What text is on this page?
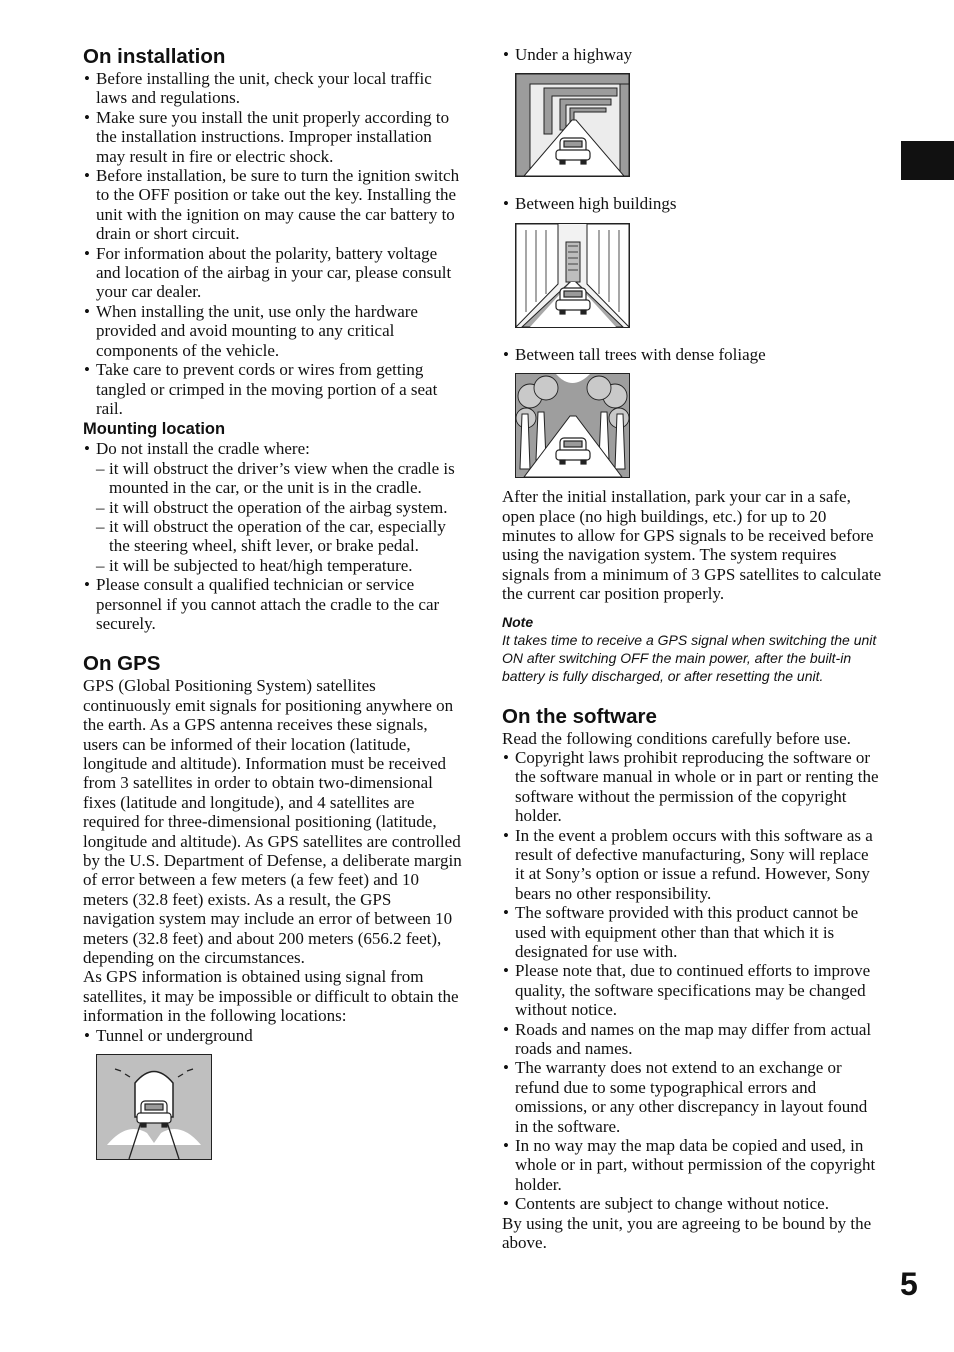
On installation
• Before installing the unit, check your local traffic laws and regulations.
• Make sure you install the unit properly according to the installation instructions. Improper installation may result in fire or electric shock.
• Before installation, be sure to turn the ignition switch to the OFF position or take out the key. Installing the unit with the ignition on may cause the car battery to drain or short circuit.
• For information about the polarity, battery voltage and location of the airbag in your car, please consult your car dealer.
• When installing the unit, use only the hardware provided and avoid mounting to any critical components of the vehicle.
• Take care to prevent cords or wires from getting tangled or crimped in the moving portion of a seat rail.
Mounting location
• Do not install the cradle where:
– it will obstruct the driver’s view when the cradle is mounted in the car, or the unit is in the cradle.
– it will obstruct the operation of the airbag system.
– it will obstruct the operation of the car, especially the steering wheel, shift lever, or brake pedal.
– it will be subjected to heat/high temperature.
• Please consult a qualified technician or service personnel if you cannot attach the cradle to the car securely.
On GPS

GPS (Global Positioning System) satellites continuously emit signals for positioning anywhere on the earth. As a GPS antenna receives these signals, users can be informed of their location (latitude, longitude and altitude). Information must be received from 3 satellites in order to obtain two-dimensional fixes (latitude and longitude), and 4 satellites are required for three-dimensional positioning (latitude, longitude and altitude). As GPS satellites are controlled by the U.S. Department of Defense, a deliberate margin of error between a few meters (a few feet) and 10 meters (32.8 feet) exists. As a result, the GPS navigation system may include an error of between 10 meters (32.8 feet) and about 200 meters (656.2 feet), depending on the circumstances.

As GPS information is obtained using signal from satellites, it may be impossible or difficult to obtain the information in the following locations:

• Tunnel or underground
• Under a highway
• Between high buildings
• Between tall trees with dense foliage

After the initial installation, park your car in a safe, open place (no high buildings, etc.) for up to 20 minutes to allow for GPS signals to be received before using the navigation system. The system requires signals from a minimum of 3 GPS satellites to calculate the current car position properly.

Note
It takes time to receive a GPS signal when switching the unit ON after switching OFF the main power, after the built-in battery is fully discharged, or after resetting the unit.
On the software

Read the following conditions carefully before use.

• Copyright laws prohibit reproducing the software or the software manual in whole or in part or renting the software without the permission of the copyright holder.
• In the event a problem occurs with this software as a result of defective manufacturing, Sony will replace it at Sony’s option or issue a refund. However, Sony bears no other responsibility.
• The software provided with this product cannot be used with equipment other than that which it is designated for use with.
• Please note that, due to continued efforts to improve quality, the software specifications may be changed without notice.
• Roads and names on the map may differ from actual roads and names.
• The warranty does not extend to an exchange or refund due to some typographical errors and omissions, or any other discrepancy in layout found in the software.
• In no way may the map data be copied and used, in whole or in part, without permission of the copyright holder.
• Contents are subject to change without notice.

By using the unit, you are agreeing to be bound by the above.

5
